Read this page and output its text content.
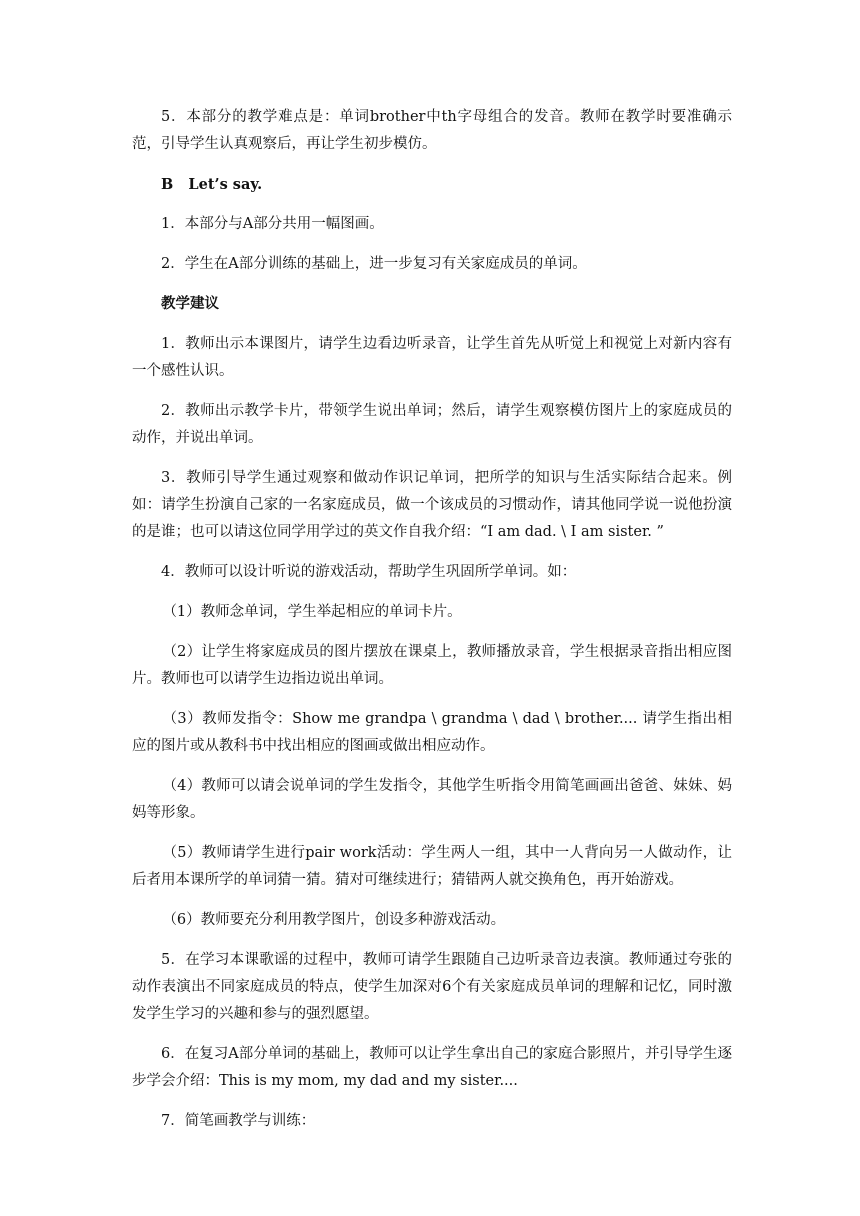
5．本部分的教学难点是：单词brother中th字母组合的发音。教师在教学时要准确示范，引导学生认真观察后，再让学生初步模仿。

B   Let’s say.

1．本部分与A部分共用一幅图画。

2．学生在A部分训练的基础上，进一步复习有关家庭成员的单词。

教学建议

1．教师出示本课图片，请学生边看边听录音，让学生首先从听觉上和视觉上对新内容有一个感性认识。

2．教师出示教学卡片，带领学生说出单词；然后，请学生观察模仿图片上的家庭成员的动作，并说出单词。

3．教师引导学生通过观察和做动作识记单词，把所学的知识与生活实际结合起来。例如：请学生扮演自己家的一名家庭成员，做一个该成员的习惯动作，请其他同学说一说他扮演的是谁；也可以请这位同学用学过的英文作自我介绍：“I am dad. \ I am sister. ”

4．教师可以设计听说的游戏活动，帮助学生巩固所学单词。如：

（1）教师念单词，学生举起相应的单词卡片。

（2）让学生将家庭成员的图片摆放在课桌上，教师播放录音，学生根据录音指出相应图片。教师也可以请学生边指边说出单词。

（3）教师发指令：Show me grandpa \ grandma \ dad \ brother.... 请学生指出相应的图片或从教科书中找出相应的图画或做出相应动作。

（4）教师可以请会说单词的学生发指令，其他学生听指令用简笔画画出爸爸、妹妹、妈妈等形象。

（5）教师请学生进行pair work活动：学生两人一组，其中一人背向另一人做动作，让后者用本课所学的单词猜一猜。猜对可继续进行；猜错两人就交换角色，再开始游戏。

（6）教师要充分利用教学图片，创设多种游戏活动。

5．在学习本课歌谣的过程中，教师可请学生跟随自己边听录音边表演。教师通过夸张的动作表演出不同家庭成员的特点，使学生加深对6个有关家庭成员单词的理解和记忆，同时激发学生学习的兴趣和参与的强烈愿望。

6．在复习A部分单词的基础上，教师可以让学生拿出自己的家庭合影照片，并引导学生逐步学会介绍：This is my mom, my dad and my sister....

7．简笔画教学与训练：
